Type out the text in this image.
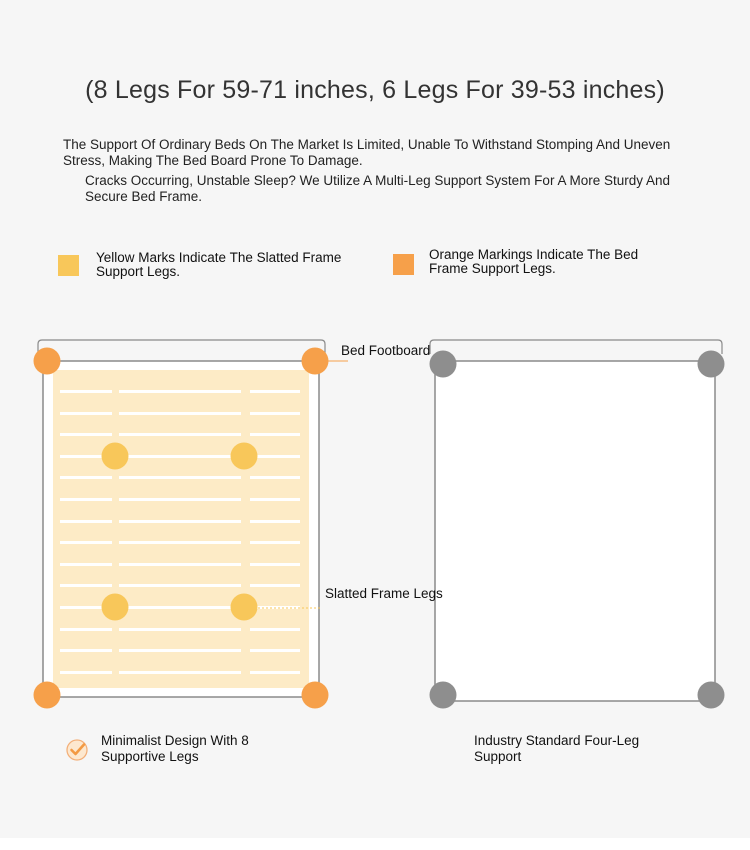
(8 Legs For 59-71 inches, 6 Legs For 39-53 inches)
The Support Of Ordinary Beds On The Market Is Limited, Unable To Withstand Stomping And Uneven Stress, Making The Bed Board Prone To Damage.
Cracks Occurring, Unstable Sleep? We Utilize A Multi-Leg Support System For A More Sturdy And Secure Bed Frame.
Yellow Marks Indicate The Slatted Frame Support Legs.
Orange Markings Indicate The Bed Frame Support Legs.
Bed Footboard
Slatted Frame Legs
Minimalist Design With 8 Supportive Legs
Industry Standard Four-Leg Support
